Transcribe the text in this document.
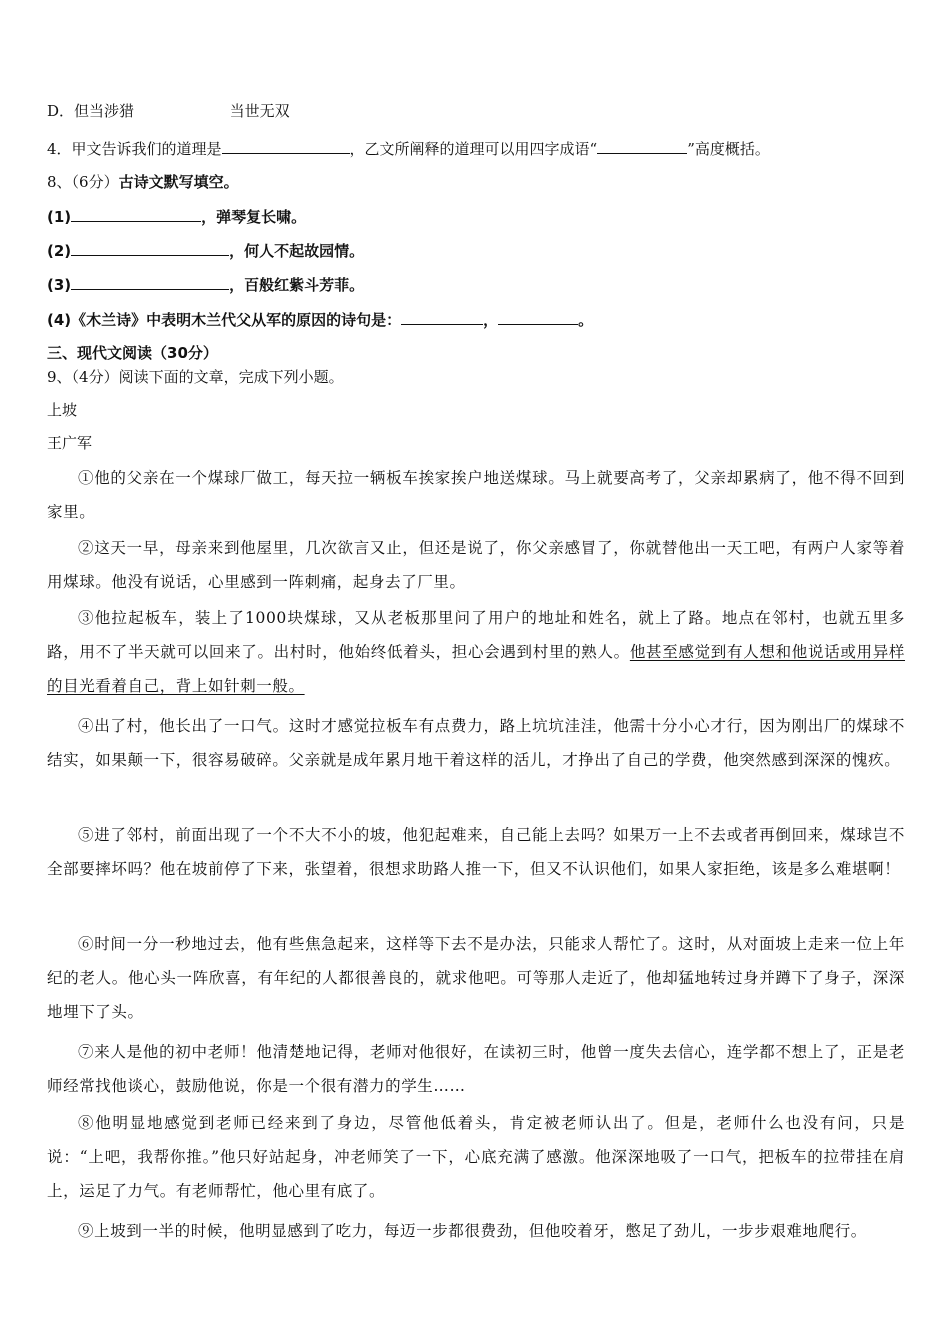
D．但当涉猎	当世无双
4．甲文告诉我们的道理是	，乙文所阐释的道理可以用四字成语“	”高度概括。
8、（6分）古诗文默写填空。
(1)	，弹琴复长啸。
(2)	，何人不起故园情。
(3)	，百般红紫斗芳菲。
(4)《木兰诗》中表明木兰代父从军的原因的诗句是：	，	。
三、现代文阅读（30分）
9、（4分）阅读下面的文章，完成下列小题。
上坡
王广军
①他的父亲在一个煤球厂做工，每天拉一辆板车挨家挨户地送煤球。马上就要高考了，父亲却累病了，他不得不回到家里。
②这天一早，母亲来到他屋里，几次欲言又止，但还是说了，你父亲感冒了，你就替他出一天工吧，有两户人家等着用煤球。他没有说话，心里感到一阵刺痛，起身去了厂里。
③他拉起板车，装上了1000块煤球，又从老板那里问了用户的地址和姓名，就上了路。地点在邻村，也就五里多路，用不了半天就可以回来了。出村时，他始终低着头，担心会遇到村里的熟人。他甚至感觉到有人想和他说话或用异样的目光看着自己，背上如针刺一般。
④出了村，他长出了一口气。这时才感觉拉板车有点费力，路上坑坑洼洼，他需十分小心才行，因为刚出厂的煤球不结实，如果颠一下，很容易破碎。父亲就是成年累月地干着这样的活儿，才挣出了自己的学费，他突然感到深深的愧疚。
⑤进了邻村，前面出现了一个不大不小的坡，他犯起难来，自己能上去吗？如果万一上不去或者再倒回来，煤球岂不全部要摔坏吗？他在坡前停了下来，张望着，很想求助路人推一下，但又不认识他们，如果人家拒绝，该是多么难堪啊！
⑥时间一分一秒地过去，他有些焦急起来，这样等下去不是办法，只能求人帮忙了。这时，从对面坡上走来一位上年纪的老人。他心头一阵欣喜，有年纪的人都很善良的，就求他吧。可等那人走近了，他却猛地转过身并蹲下了身子，深深地埋下了头。
⑦来人是他的初中老师！他清楚地记得，老师对他很好，在读初三时，他曾一度失去信心，连学都不想上了，正是老师经常找他谈心，鼓励他说，你是一个很有潜力的学生……
⑧他明显地感觉到老师已经来到了身边，尽管他低着头，肯定被老师认出了。但是，老师什么也没有问，只是说：“上吧，我帮你推。”他只好站起身，冲老师笑了一下，心底充满了感激。他深深地吸了一口气，把板车的拉带挂在肩上，运足了力气。有老师帮忙，他心里有底了。
⑨上坡到一半的时候，他明显感到了吃力，每迈一步都很费劲，但他咬着牙，憋足了劲儿，一步步艰难地爬行。
